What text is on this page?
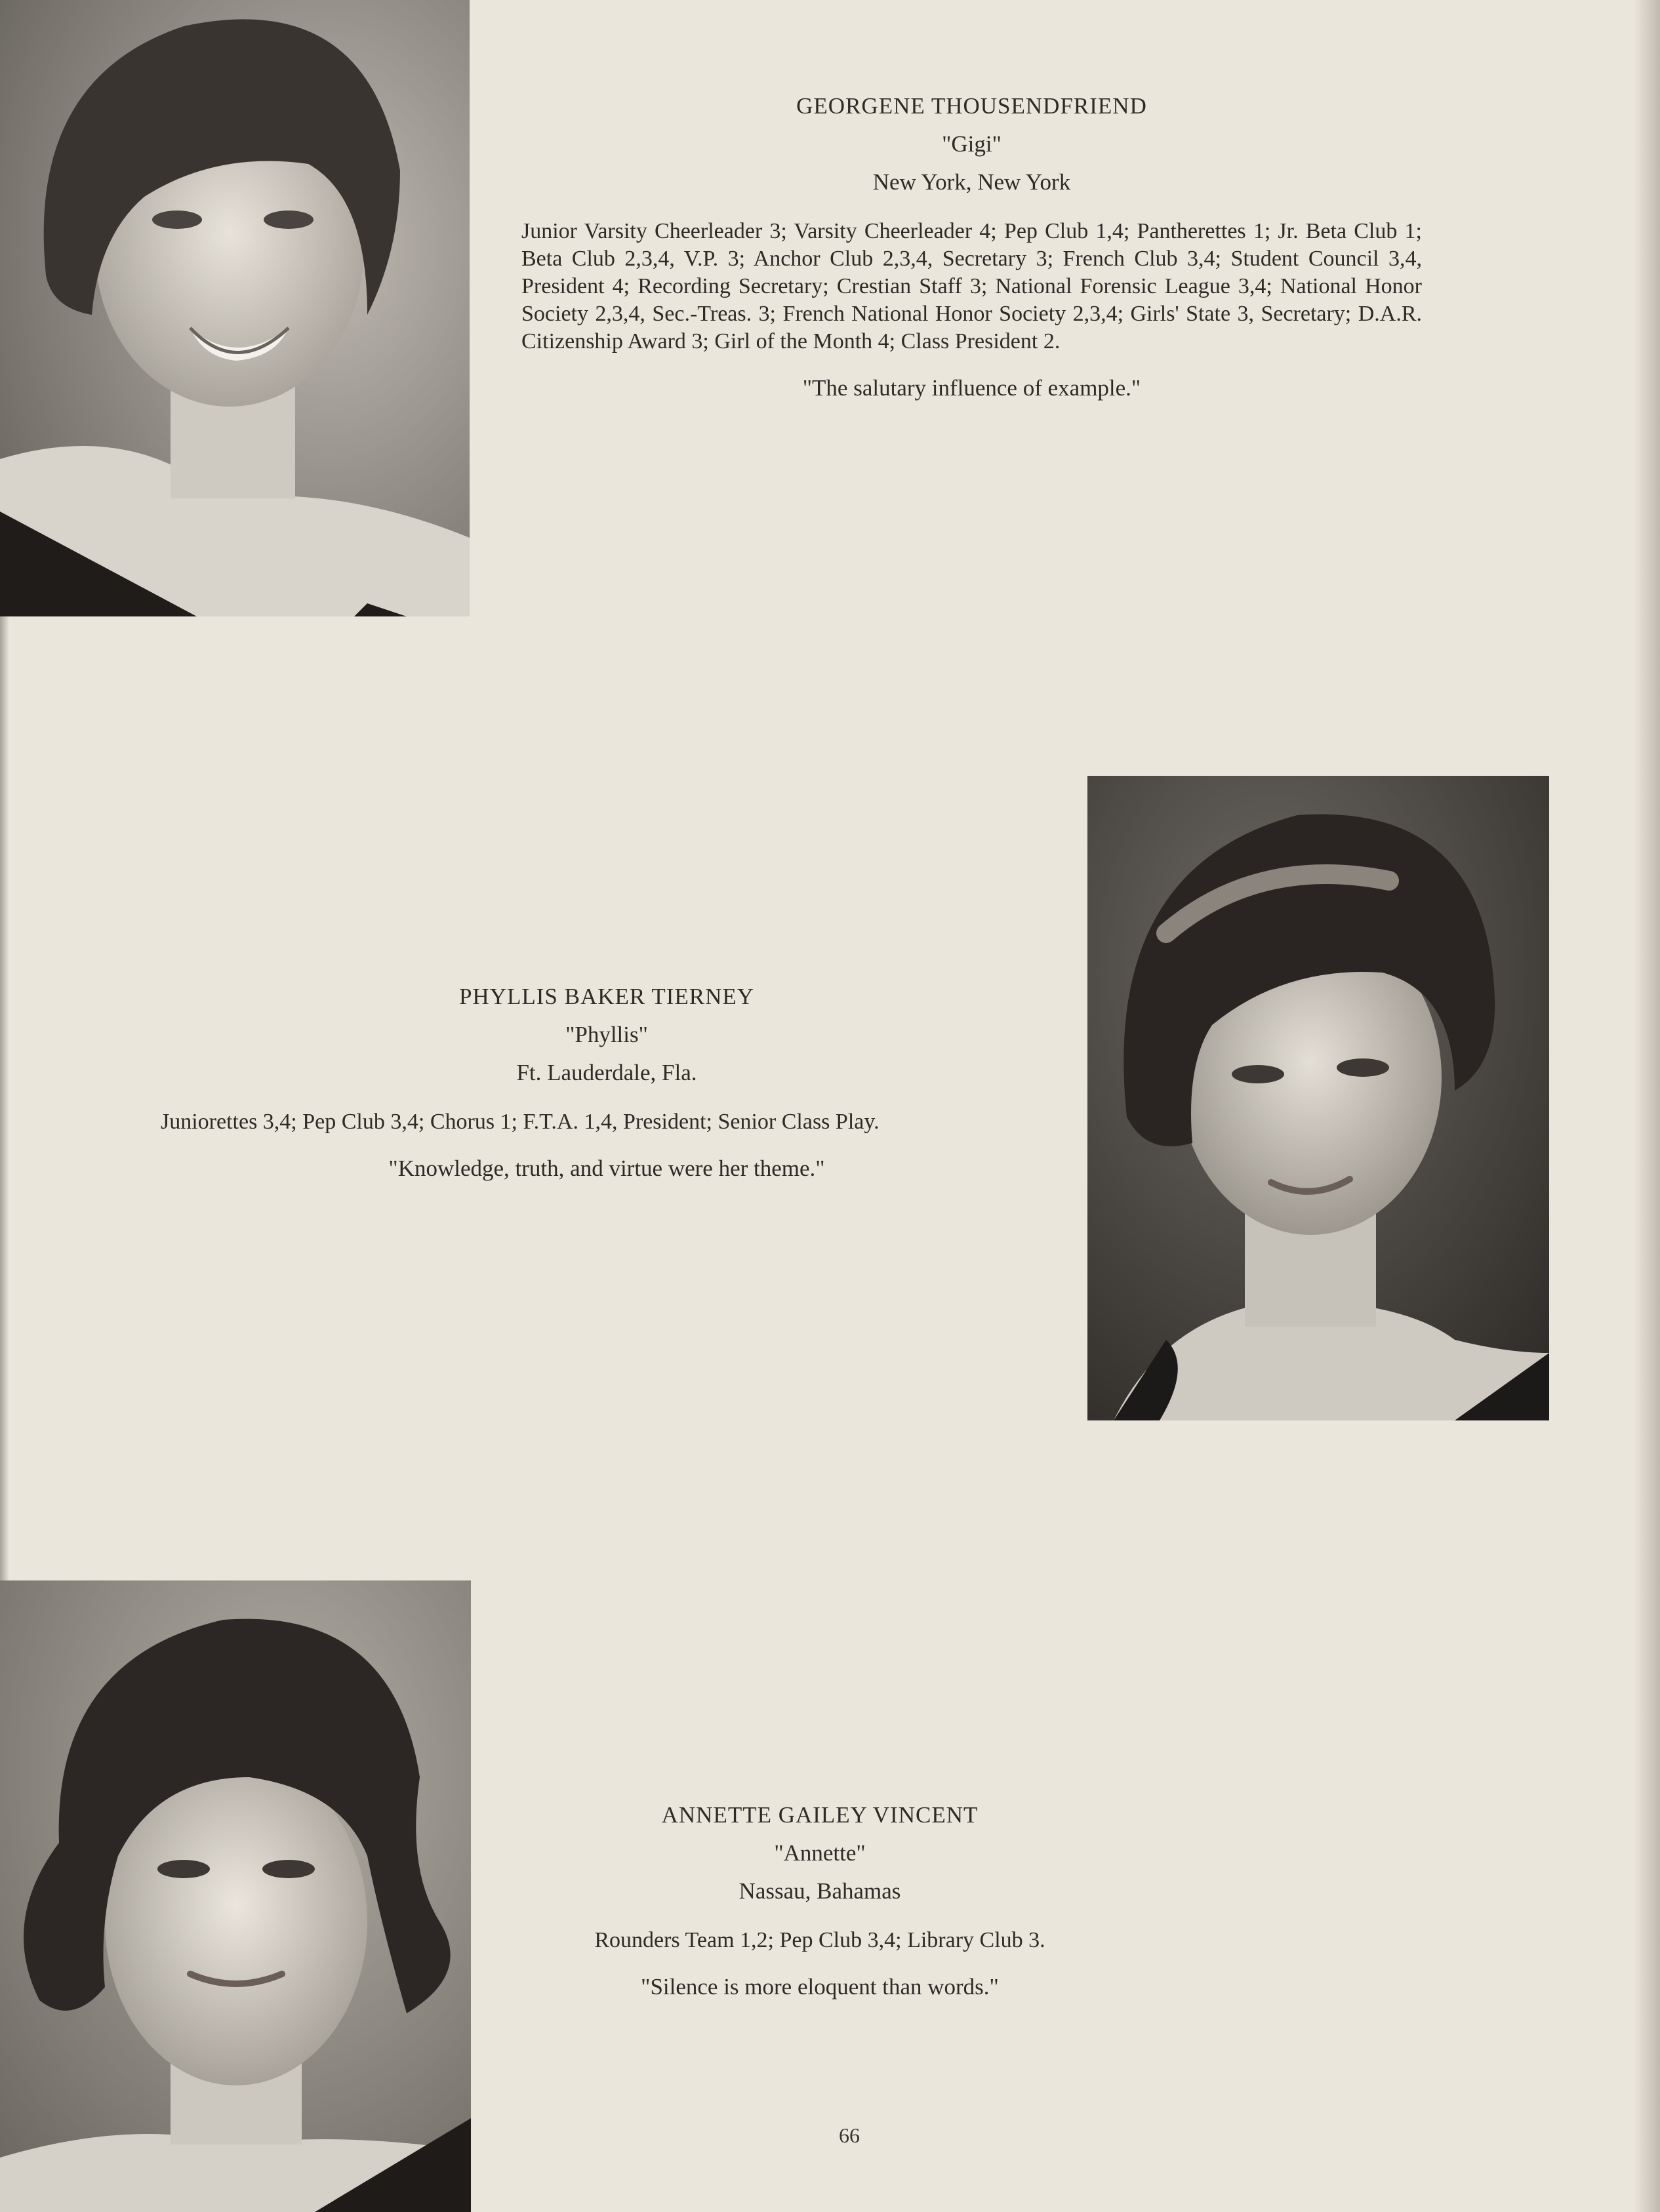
GEORGENE THOUSENDFRIEND

"Gigi"

New York, New York

Junior Varsity Cheerleader 3; Varsity Cheerleader 4; Pep Club 1,4; Pantherettes 1; Jr. Beta Club 1; Beta Club 2,3,4, V.P. 3; Anchor Club 2,3,4, Secretary 3; French Club 3,4; Student Council 3,4, President 4; Recording Secretary; Crestian Staff 3; National Forensic League 3,4; National Honor Society 2,3,4, Sec.-Treas. 3; French National Honor Society 2,3,4; Girls' State 3, Secretary; D.A.R. Citizenship Award 3; Girl of the Month 4; Class President 2.

"The salutary influence of example."

PHYLLIS BAKER TIERNEY

"Phyllis"

Ft. Lauderdale, Fla.

Juniorettes 3,4; Pep Club 3,4; Chorus 1; F.T.A. 1,4, President; Senior Class Play.

"Knowledge, truth, and virtue were her theme."

ANNETTE GAILEY VINCENT

"Annette"

Nassau, Bahamas

Rounders Team 1,2; Pep Club 3,4; Library Club 3.

"Silence is more eloquent than words."

66
